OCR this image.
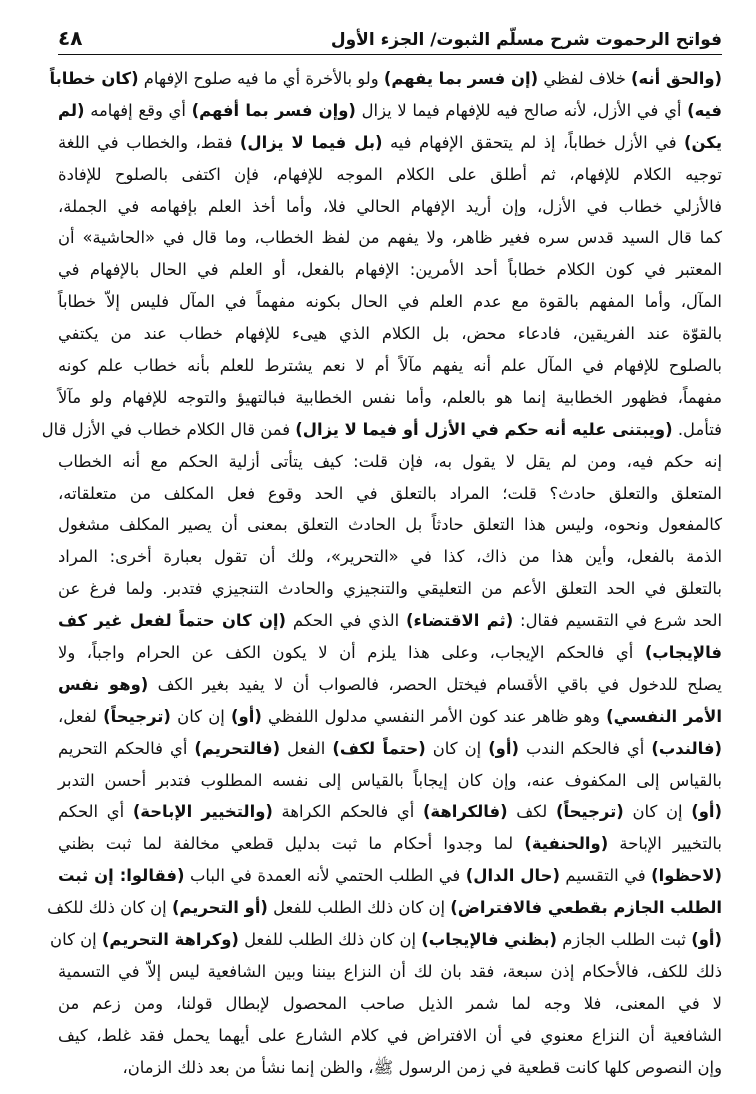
فواتح الرحموت شرح مسلّم الثبوت/ الجزء الأول
٤٨
(والحق أنه) خلاف لفظي (إن فسر بما يفهم) ولو بالأخرة أي ما فيه صلوح الإفهام (كان خطاباً
فيه) أي في الأزل، لأنه صالح فيه للإفهام فيما لا يزال (وإن فسر بما أفهم) أي وقع إفهامه (لم
يكن) في الأزل خطاباً، إذ لم يتحقق الإفهام فيه (بل فيما لا يزال) فقط، والخطاب في اللغة
توجيه الكلام للإفهام، ثم أطلق على الكلام الموجه للإفهام، فإن اكتفى بالصلوح للإفادة
فالأزلي خطاب في الأزل، وإن أريد الإفهام الحالي فلا، وأما أخذ العلم بإفهامه في الجملة،
كما قال السيد قدس سره فغير ظاهر، ولا يفهم من لفظ الخطاب، وما قال في «الحاشية» أن
المعتبر في كون الكلام خطاباً أحد الأمرين: الإفهام بالفعل، أو العلم في الحال بالإفهام في
المآل، وأما المفهم بالقوة مع عدم العلم في الحال بكونه مفهماً في المآل فليس إلاّ خطاباً
بالقوّة عند الفريقين، فادعاء محض، بل الكلام الذي هيىء للإفهام خطاب عند من يكتفي
بالصلوح للإفهام في المآل علم أنه يفهم مآلاً أم لا نعم يشترط للعلم بأنه خطاب علم كونه
مفهماً، فظهور الخطابية إنما هو بالعلم، وأما نفس الخطابية فبالتهيؤ والتوجه للإفهام ولو مآلاً
فتأمل. (ويبتنى عليه أنه حكم في الأزل أو فيما لا يزال) فمن قال الكلام خطاب في الأزل قال
إنه حكم فيه، ومن لم يقل لا يقول به، فإن قلت: كيف يتأتى أزلية الحكم مع أنه الخطاب
المتعلق والتعلق حادث؟ قلت؛ المراد بالتعلق في الحد وقوع فعل المكلف من متعلقاته،
كالمفعول ونحوه، وليس هذا التعلق حادثاً بل الحادث التعلق بمعنى أن يصير المكلف مشغول
الذمة بالفعل، وأين هذا من ذاك، كذا في «التحرير»، ولك أن تقول بعبارة أخرى: المراد
بالتعلق في الحد التعلق الأعم من التعليقي والتنجيزي والحادث التنجيزي فتدبر. ولما فرغ عن
الحد شرع في التقسيم فقال: (ثم الاقتضاء) الذي في الحكم (إن كان حتماً لفعل غير كف
فالإيجاب) أي فالحكم الإيجاب، وعلى هذا يلزم أن لا يكون الكف عن الحرام واجباً، ولا
يصلح للدخول في باقي الأقسام فيختل الحصر، فالصواب أن لا يفيد بغير الكف (وهو نفس
الأمر النفسي) وهو ظاهر عند كون الأمر النفسي مدلول اللفظي (أو) إن كان (ترجيحاً) لفعل،
(فالندب) أي فالحكم الندب (أو) إن كان (حتماً لكف) الفعل (فالتحريم) أي فالحكم التحريم
بالقياس إلى المكفوف عنه، وإن كان إيجاباً بالقياس إلى نفسه المطلوب فتدبر أحسن التدبر
(أو) إن كان (ترجيحاً) لكف (فالكراهة) أي فالحكم الكراهة (والتخيير الإباحة) أي الحكم
بالتخيير الإباحة (والحنفية) لما وجدوا أحكام ما ثبت بدليل قطعي مخالفة لما ثبت بظني
(لاحظوا) في التقسيم (حال الدال) في الطلب الحتمي لأنه العمدة في الباب (فقالوا: إن ثبت
الطلب الجازم بقطعي فالافتراض) إن كان ذلك الطلب للفعل (أو التحريم) إن كان ذلك للكف
(أو) ثبت الطلب الجازم (بظني فالإيجاب) إن كان ذلك الطلب للفعل (وكراهة التحريم) إن كان
ذلك للكف، فالأحكام إذن سبعة، فقد بان لك أن النزاع بيننا وبين الشافعية ليس إلاّ في التسمية
لا في المعنى، فلا وجه لما شمر الذيل صاحب المحصول لإبطال قولنا، ومن زعم من
الشافعية أن النزاع معنوي في أن الافتراض في كلام الشارع على أيهما يحمل فقد غلط، كيف
وإن النصوص كلها كانت قطعية في زمن الرسول ﷺ، والظن إنما نشأ من بعد ذلك الزمان،
